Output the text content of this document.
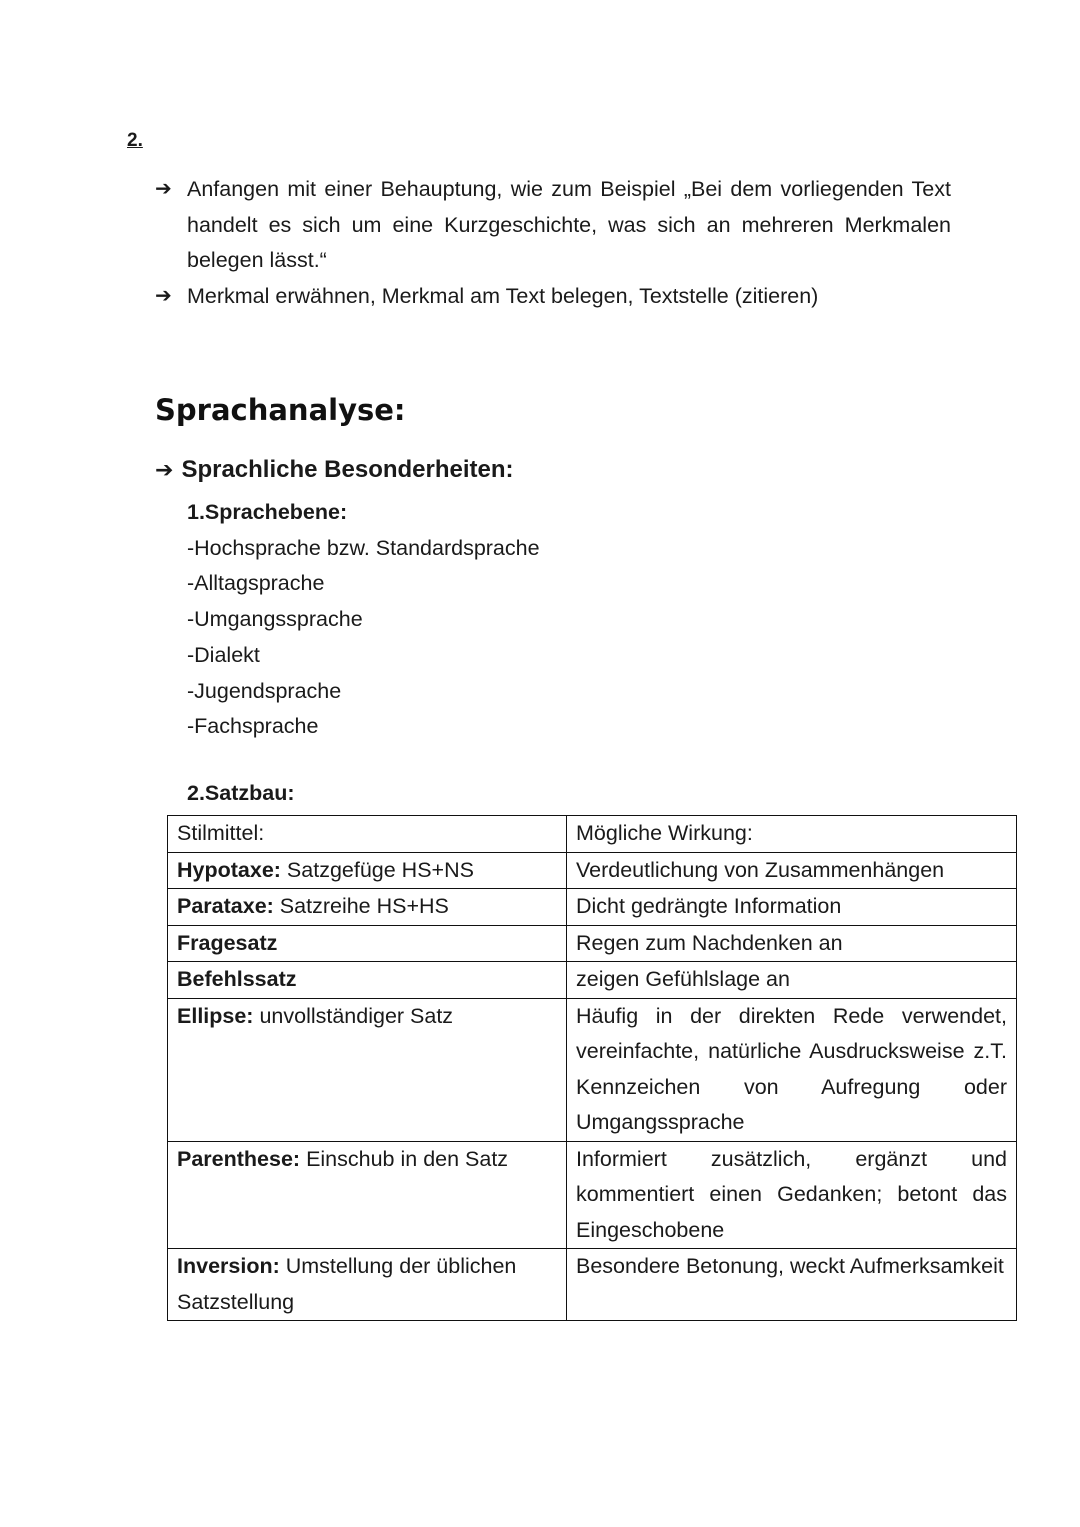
2.

➔ Anfangen mit einer Behauptung, wie zum Beispiel „Bei dem vorliegenden Text handelt es sich um eine Kurzgeschichte, was sich an mehreren Merkmalen belegen lässt.“
➔ Merkmal erwähnen, Merkmal am Text belegen, Textstelle (zitieren)
Sprachanalyse:
➔ Sprachliche Besonderheiten:

1.Sprachebene:

-Hochsprache bzw. Standardsprache
-Alltagsprache
-Umgangssprache
-Dialekt
-Jugendsprache
-Fachsprache

2.Satzbau:

Stilmittel:	Mögliche Wirkung:
Hypotaxe: Satzgefüge HS+NS	Verdeutlichung von Zusammenhängen
Parataxe: Satzreihe HS+HS	Dicht gedrängte Information
Fragesatz	Regen zum Nachdenken an
Befehlssatz	zeigen Gefühlslage an
Ellipse: unvollständiger Satz	Häufig in der direkten Rede verwendet, vereinfachte, natürliche Ausdrucksweise z.T. Kennzeichen von Aufregung oder Umgangssprache
Parenthese: Einschub in den Satz	Informiert zusätzlich, ergänzt und kommentiert einen Gedanken; betont das Eingeschobene
Inversion: Umstellung der üblichen Satzstellung	Besondere Betonung, weckt Aufmerksamkeit
